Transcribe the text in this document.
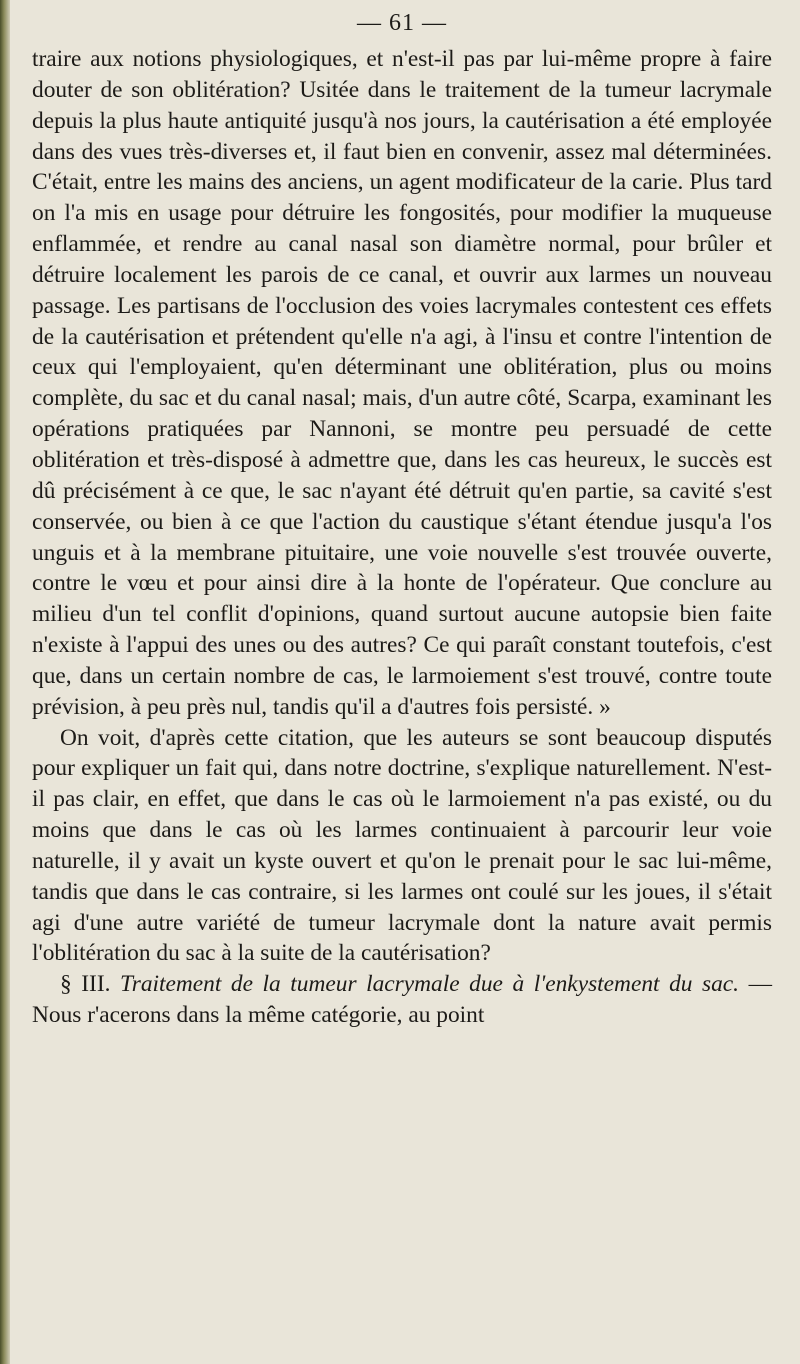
— 61 —

traire aux notions physiologiques, et n'est-il pas par lui-même propre à faire douter de son oblitération? Usitée dans le traitement de la tumeur lacrymale depuis la plus haute antiquité jusqu'à nos jours, la cautérisation a été employée dans des vues très-diverses et, il faut bien en convenir, assez mal déterminées. C'était, entre les mains des anciens, un agent modificateur de la carie. Plus tard on l'a mis en usage pour détruire les fongosités, pour modifier la muqueuse enflammée, et rendre au canal nasal son diamètre normal, pour brûler et détruire localement les parois de ce canal, et ouvrir aux larmes un nouveau passage. Les partisans de l'occlusion des voies lacrymales contestent ces effets de la cautérisation et prétendent qu'elle n'a agi, à l'insu et contre l'intention de ceux qui l'employaient, qu'en déterminant une oblitération, plus ou moins complète, du sac et du canal nasal; mais, d'un autre côté, Scarpa, examinant les opérations pratiquées par Nannoni, se montre peu persuadé de cette oblitération et très-disposé à admettre que, dans les cas heureux, le succès est dû précisément à ce que, le sac n'ayant été détruit qu'en partie, sa cavité s'est conservée, ou bien à ce que l'action du caustique s'étant étendue jusqu'a l'os unguis et à la membrane pituitaire, une voie nouvelle s'est trouvée ouverte, contre le vœu et pour ainsi dire à la honte de l'opérateur. Que conclure au milieu d'un tel conflit d'opinions, quand surtout aucune autopsie bien faite n'existe à l'appui des unes ou des autres? Ce qui paraît constant toutefois, c'est que, dans un certain nombre de cas, le larmoiement s'est trouvé, contre toute prévision, à peu près nul, tandis qu'il a d'autres fois persisté. »

On voit, d'après cette citation, que les auteurs se sont beaucoup disputés pour expliquer un fait qui, dans notre doctrine, s'explique naturellement. N'est-il pas clair, en effet, que dans le cas où le larmoiement n'a pas existé, ou du moins que dans le cas où les larmes continuaient à parcourir leur voie naturelle, il y avait un kyste ouvert et qu'on le prenait pour le sac lui-même, tandis que dans le cas contraire, si les larmes ont coulé sur les joues, il s'était agi d'une autre variété de tumeur lacrymale dont la nature avait permis l'oblitération du sac à la suite de la cautérisation?

§ III. Traitement de la tumeur lacrymale due à l'enkystement du sac. — Nous r'acerons dans la même catégorie, au point
